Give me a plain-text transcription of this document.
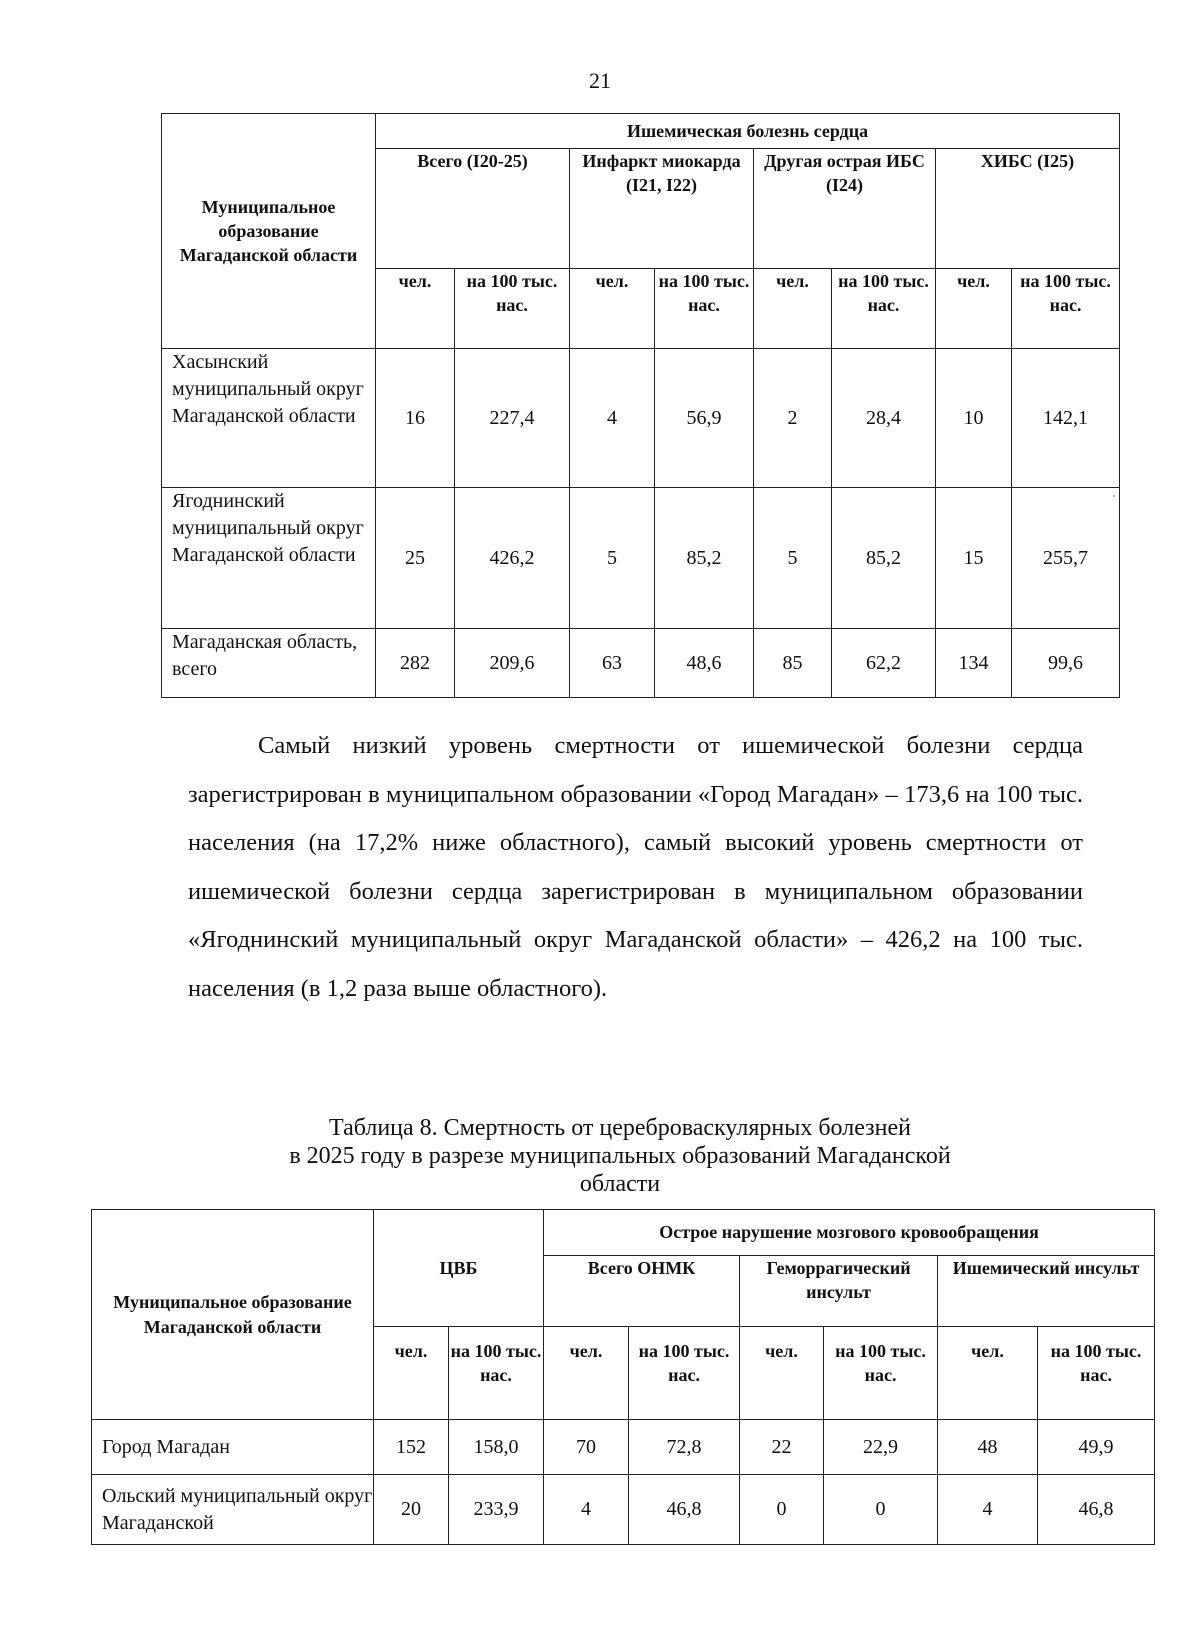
21
Муниципальное образование Магаданской области	Ишемическая болезнь сердца							
	Всего (I20-25)		Инфаркт миокарда (I21, I22)		Другая острая ИБС (I24)		ХИБС (I25)	
	чел.	на 100 тыс. нас.	чел.	на 100 тыс. нас.	чел.	на 100 тыс. нас.	чел.	на 100 тыс. нас.
Хасынский муниципальный округ Магаданской области	16	227,4	4	56,9	2	28,4	10	142,1
Ягоднинский муниципальный округ Магаданской области	25	426,2	5	85,2	5	85,2	15	255,7
Магаданская область, всего	282	209,6	63	48,6	85	62,2	134	99,6

Самый низкий уровень смертности от ишемической болезни сердца зарегистрирован в муниципальном образовании «Город Магадан» – 173,6 на 100 тыс. населения (на 17,2% ниже областного), самый высокий уровень смертности от ишемической болезни сердца зарегистрирован в муниципальном образовании «Ягоднинский муниципальный округ Магаданской области» – 426,2 на 100 тыс. населения (в 1,2 раза выше областного).

Таблица 8. Смертность от цереброваскулярных болезней
в 2025 году в разрезе муниципальных образований Магаданской
области
Муниципальное образование Магаданской области	ЦВБ		Острое нарушение мозгового кровообращения					
			Всего ОНМК		Геморрагический инсульт		Ишемический инсульт	
	чел.	на 100 тыс. нас.	чел.	на 100 тыс. нас.	чел.	на 100 тыс. нас.	чел.	на 100 тыс. нас.
Город Магадан	152	158,0	70	72,8	22	22,9	48	49,9
Ольский муниципальный округ Магаданской	20	233,9	4	46,8	0	0	4	46,8
